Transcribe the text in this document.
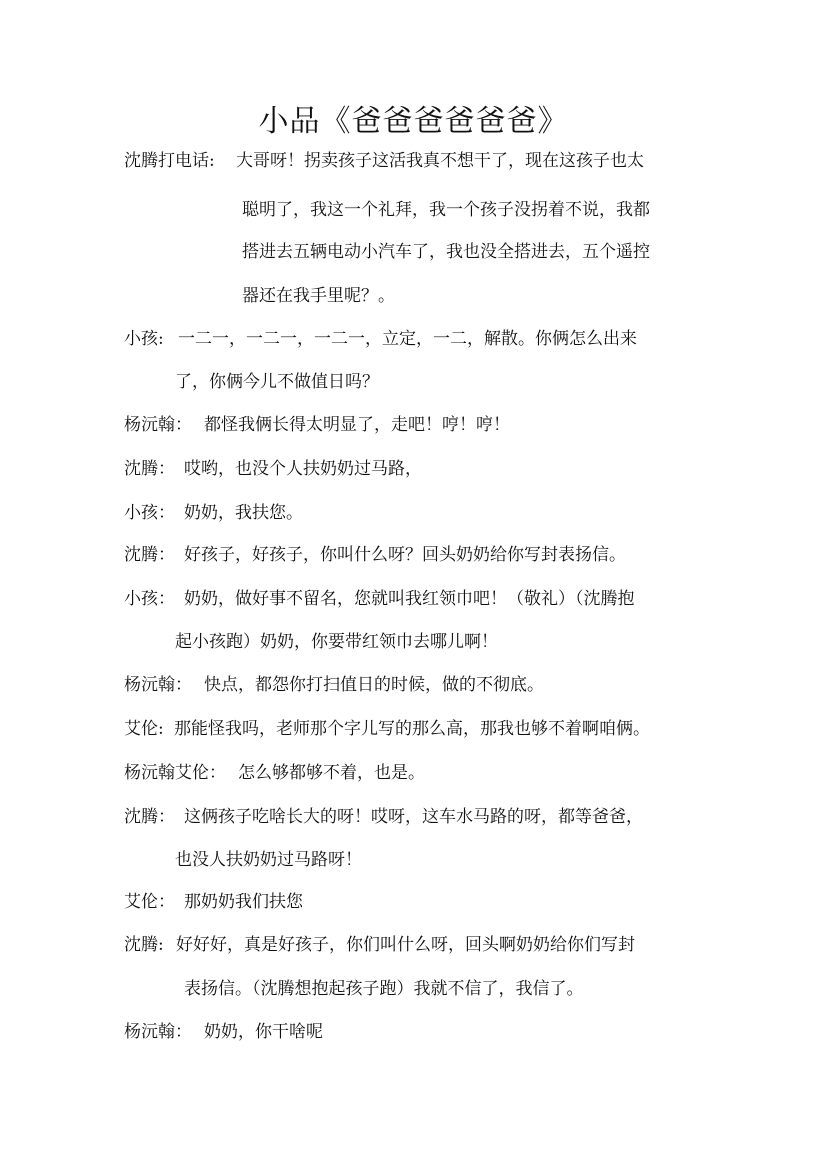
小品《爸爸爸爸爸爸》
沈腾打电话: 大哥呀！拐卖孩子这活我真不想干了，现在这孩子也太
聪明了，我这一个礼拜，我一个孩子没拐着不说，我都
搭进去五辆电动小汽车了，我也没全搭进去，五个遥控
器还在我手里呢？。
小孩: 一二一，一二一，一二一，立定，一二，解散。你俩怎么出来
了，你俩今儿不做值日吗？
杨沅翰： 都怪我俩长得太明显了，走吧！哼！哼！
沈腾： 哎哟，也没个人扶奶奶过马路，
小孩： 奶奶，我扶您。
沈腾： 好孩子，好孩子，你叫什么呀？回头奶奶给你写封表扬信。
小孩： 奶奶，做好事不留名，您就叫我红领巾吧！（敬礼）（沈腾抱
起小孩跑）奶奶，你要带红领巾去哪儿啊！
杨沅翰： 快点，都怨你打扫值日的时候，做的不彻底。
艾伦: 那能怪我吗，老师那个字儿写的那么高，那我也够不着啊咱俩。
杨沅翰艾伦： 怎么够都够不着，也是。
沈腾： 这俩孩子吃啥长大的呀！哎呀，这车水马路的呀，都等爸爸，
也没人扶奶奶过马路呀！
艾伦： 那奶奶我们扶您
沈腾: 好好好，真是好孩子，你们叫什么呀，回头啊奶奶给你们写封
表扬信。（沈腾想抱起孩子跑）我就不信了，我信了。
杨沅翰： 奶奶，你干啥呢
